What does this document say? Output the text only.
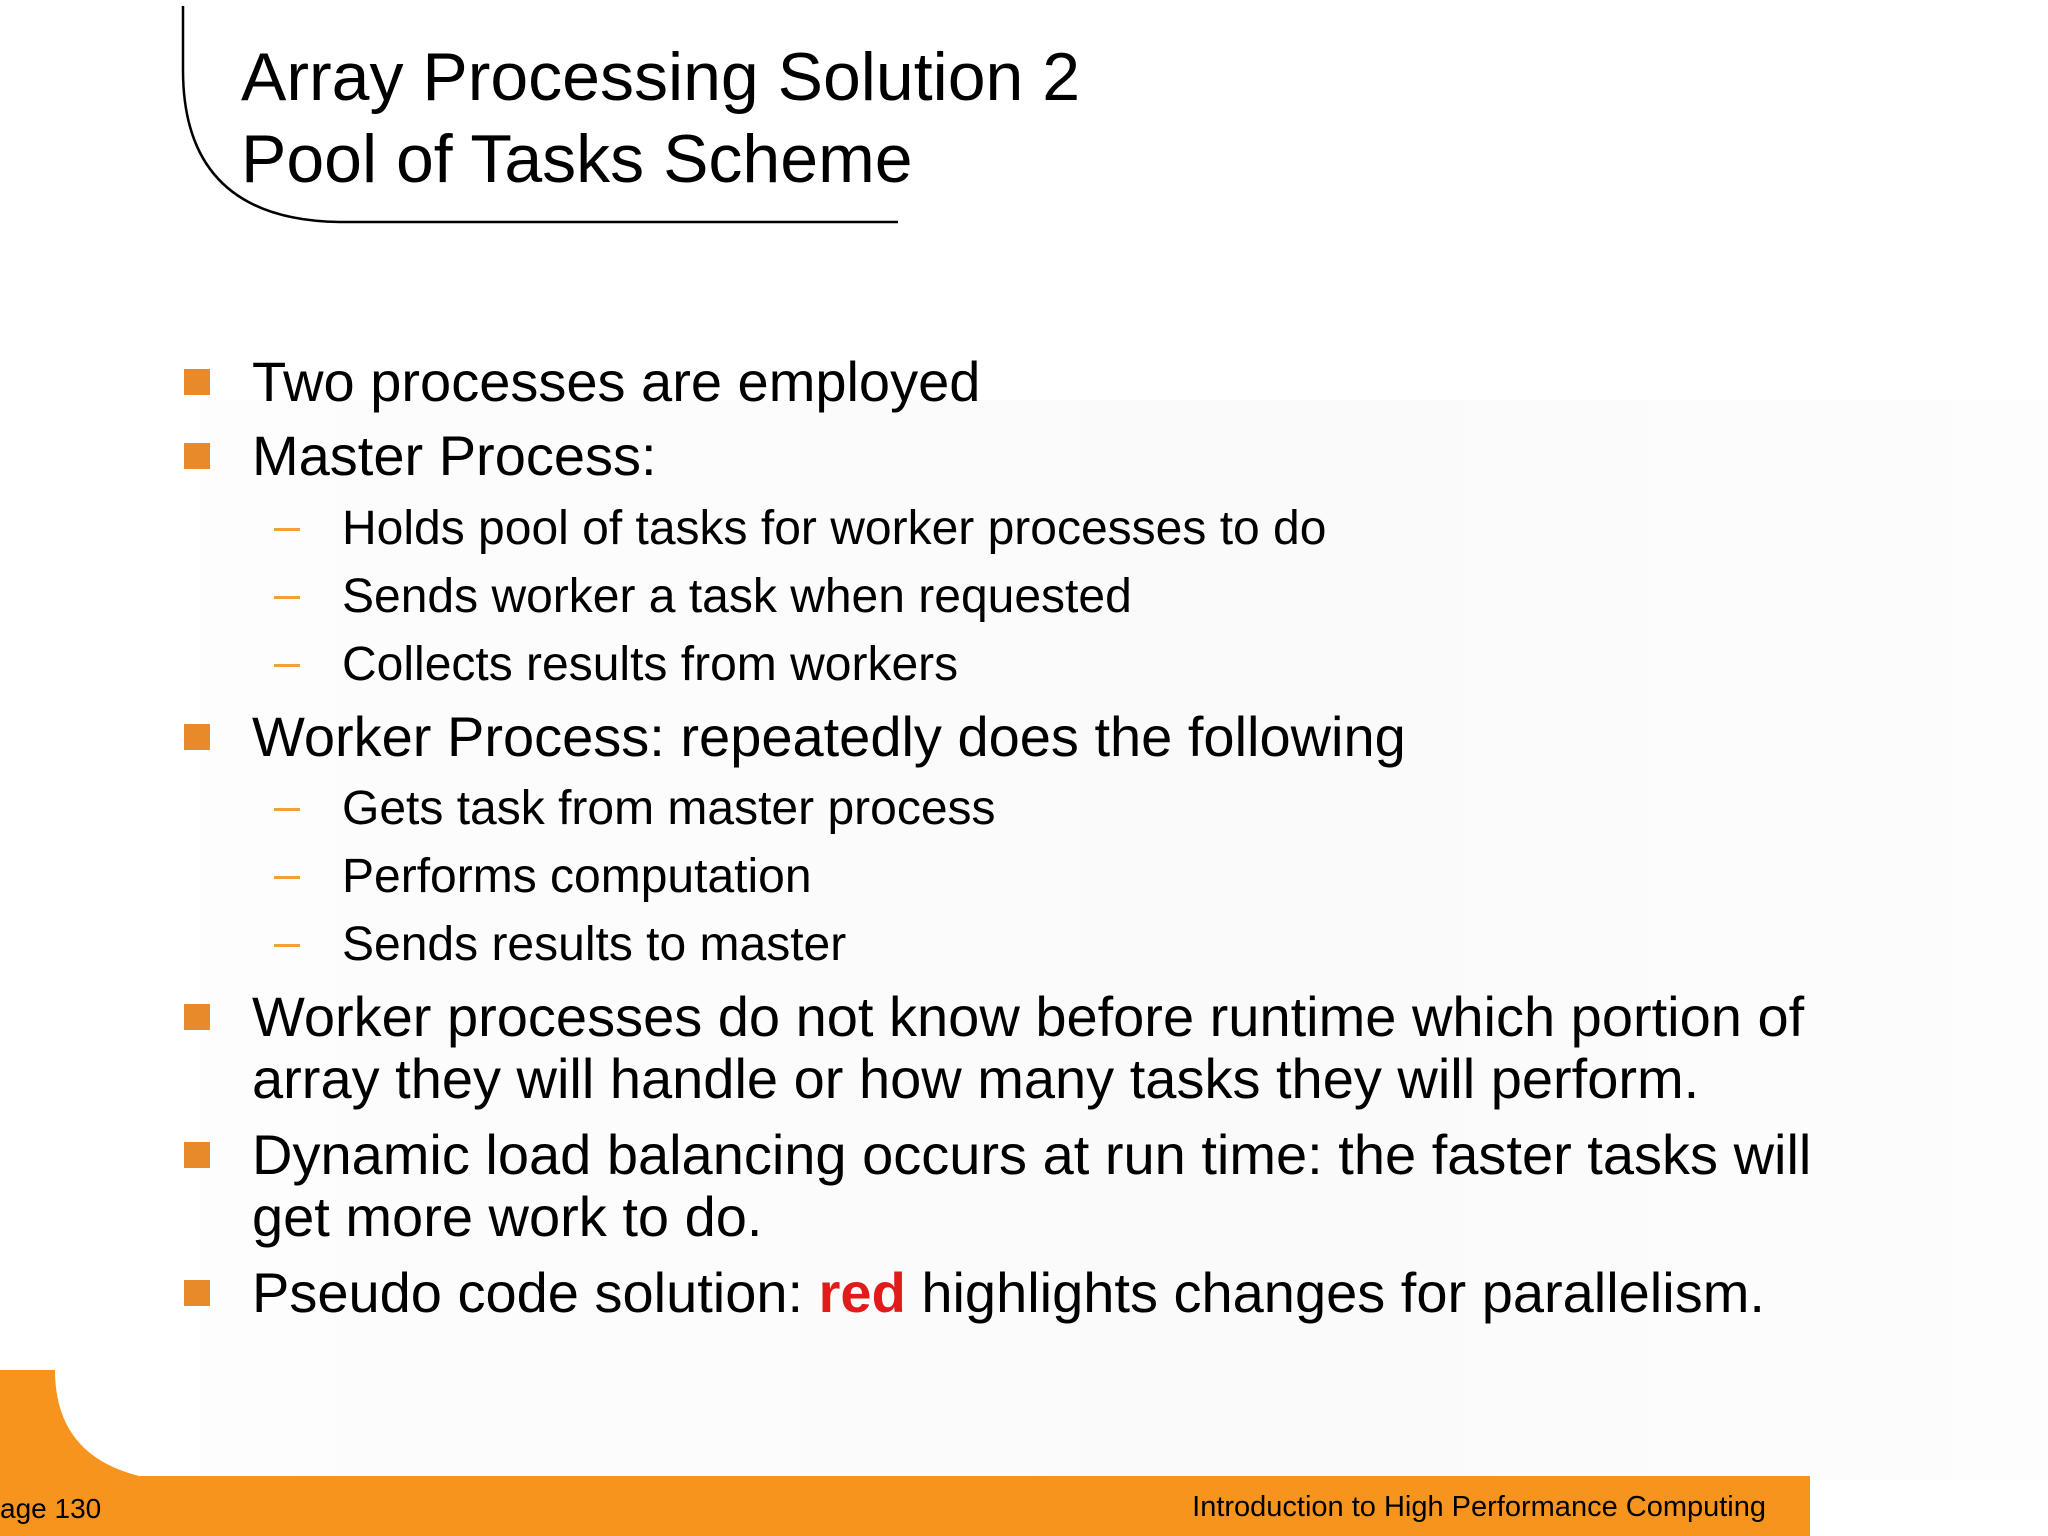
Array Processing Solution 2
Pool of Tasks Scheme
Two processes are employed
Master Process:
Holds pool of tasks for worker processes to do
Sends worker a task when requested
Collects results from workers
Worker Process: repeatedly does the following
Gets task from master process
Performs computation
Sends results to master
Worker processes do not know before runtime which portion of
array they will handle or how many tasks they will perform.
Dynamic load balancing occurs at run time: the faster tasks will
get more work to do.
Pseudo code solution: red highlights changes for parallelism.
age 130	Introduction to High Performance Computing
